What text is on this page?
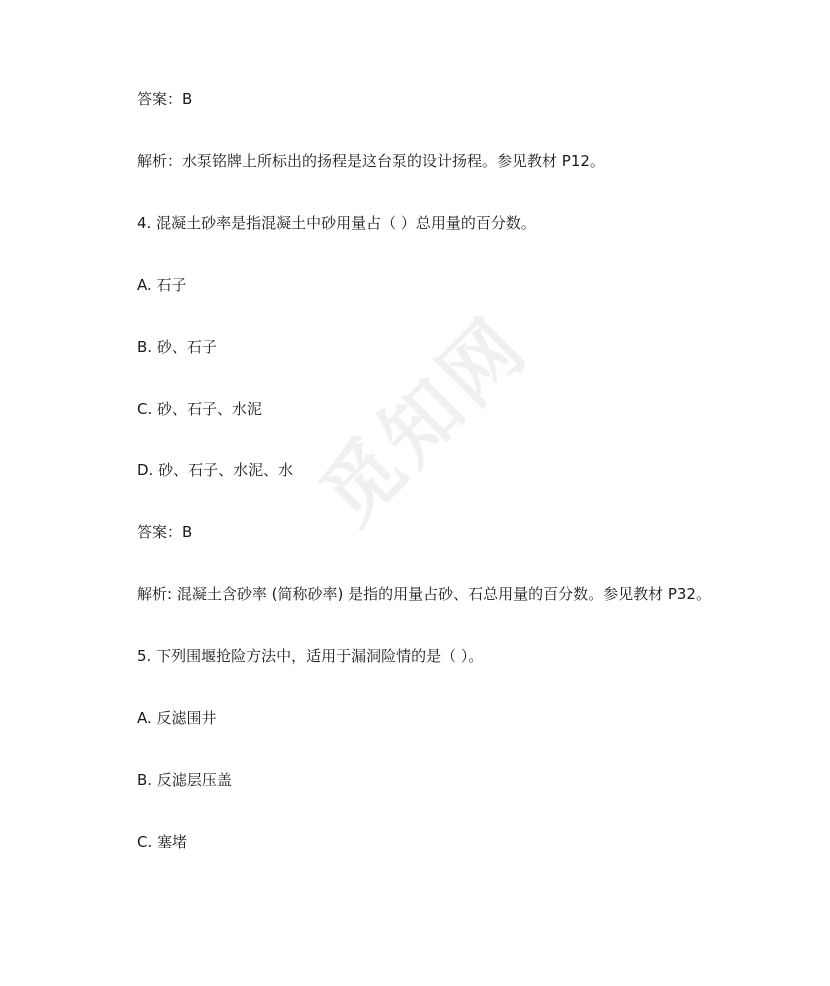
觅知网
答案：B
解析：水泵铭牌上所标出的扬程是这台泵的设计扬程。参见教材 P12。
4. 混凝土砂率是指混凝土中砂用量占（ ）总用量的百分数。
A. 石子
B. 砂、石子
C. 砂、石子、水泥
D. 砂、石子、水泥、水
答案：B
解析: 混凝土含砂率 (简称砂率) 是指的用量占砂、石总用量的百分数。参见教材 P32。
5. 下列围堰抢险方法中，适用于漏洞险情的是（ ）。
A. 反滤围井
B. 反滤层压盖
C. 塞堵
